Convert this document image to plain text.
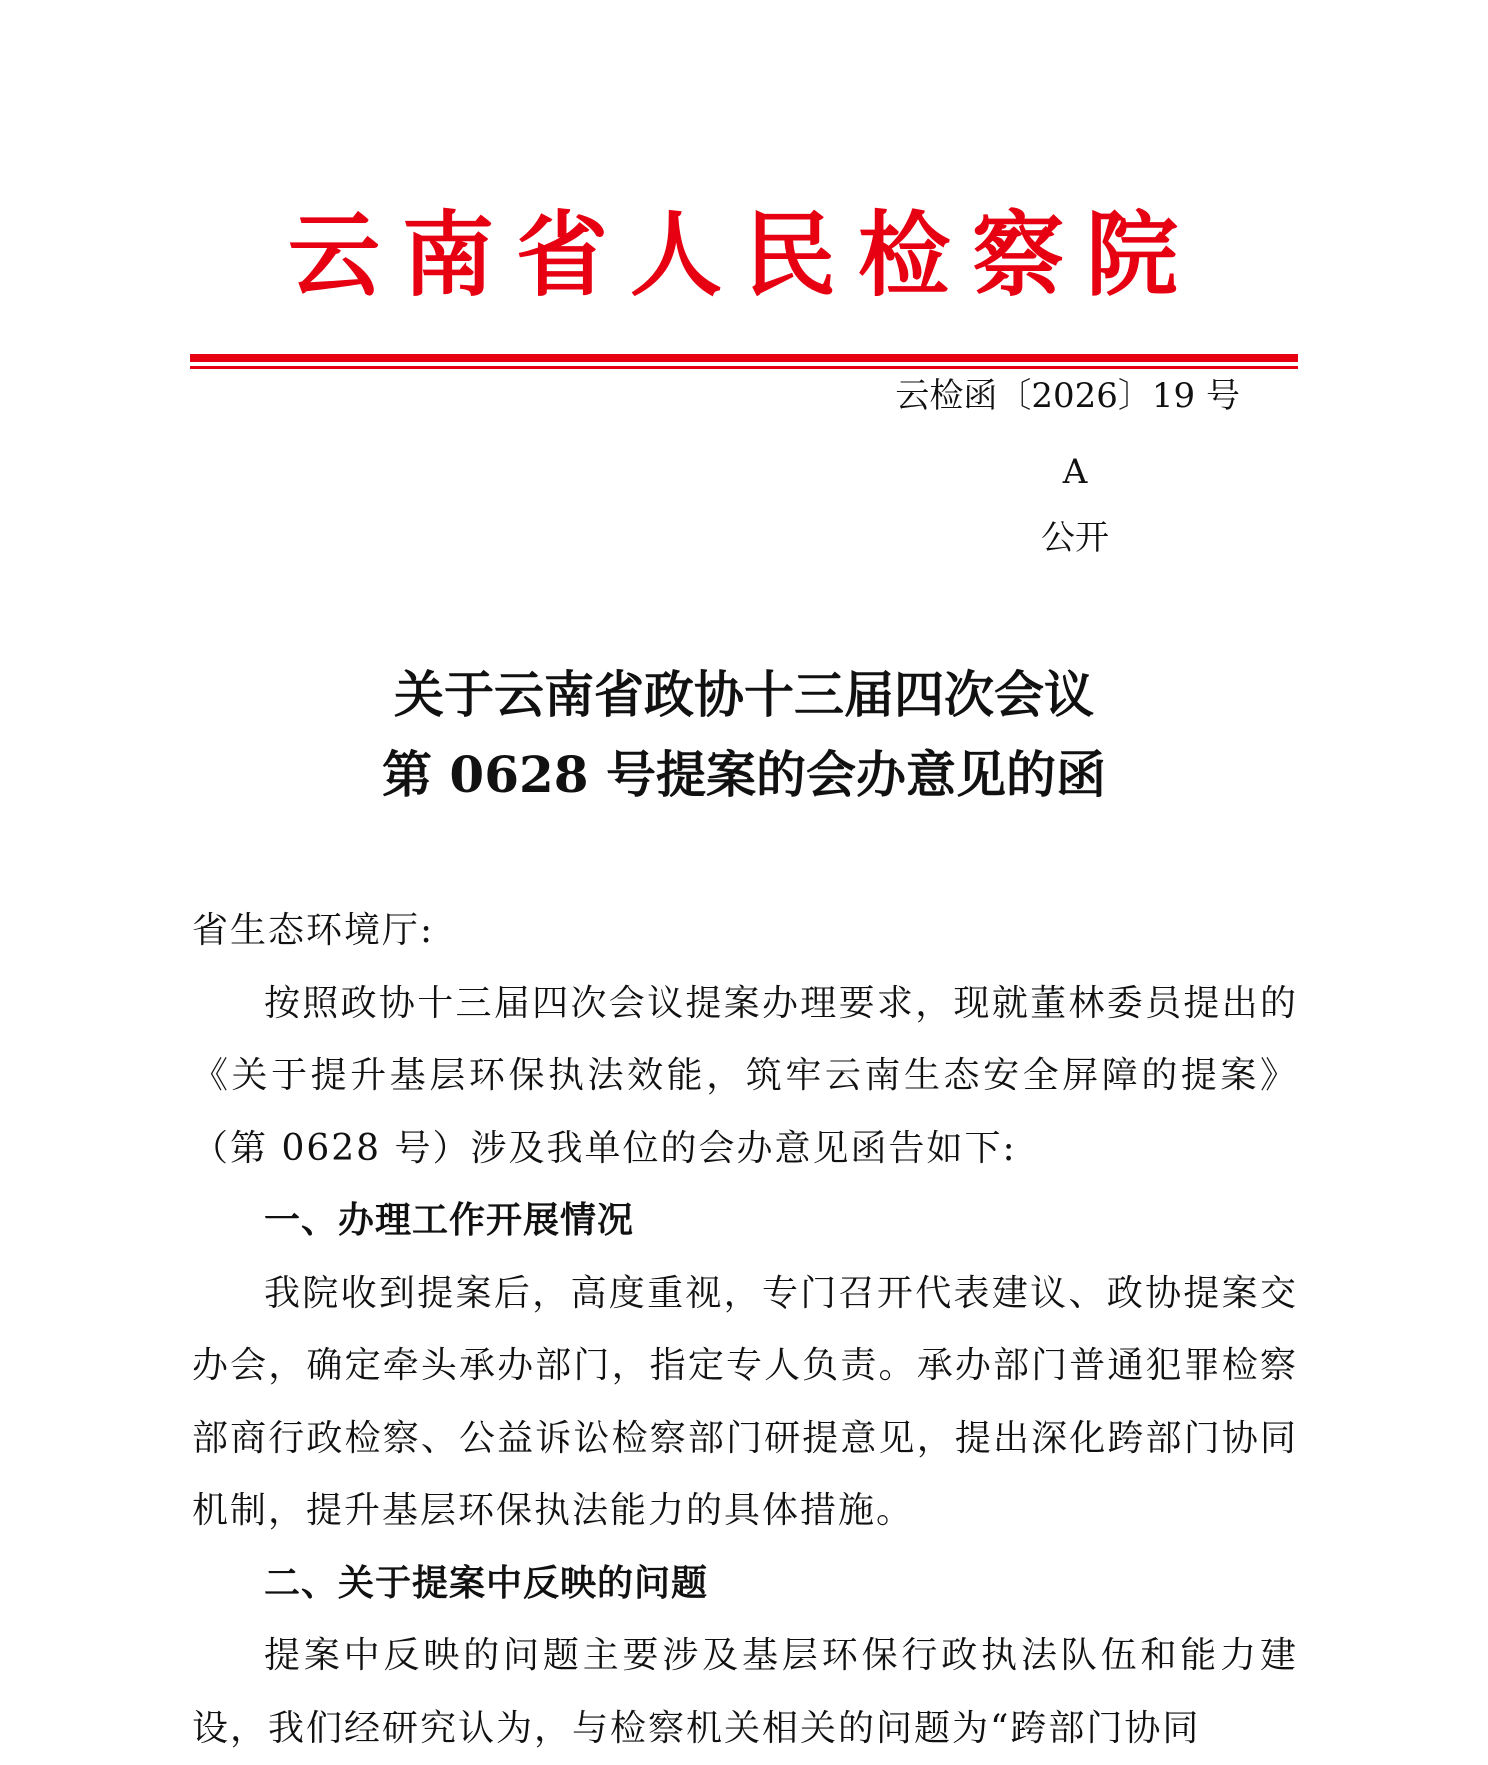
云南省人民检察院
云检函〔2026〕19 号
A
公开
关于云南省政协十三届四次会议
第 0628 号提案的会办意见的函

省生态环境厅:

按照政协十三届四次会议提案办理要求，现就董林委员提出的《关于提升基层环保执法效能，筑牢云南生态安全屏障的提案》（第 0628 号）涉及我单位的会办意见函告如下:

一、办理工作开展情况

我院收到提案后，高度重视，专门召开代表建议、政协提案交办会，确定牵头承办部门，指定专人负责。承办部门普通犯罪检察部商行政检察、公益诉讼检察部门研提意见，提出深化跨部门协同机制，提升基层环保执法能力的具体措施。

二、关于提案中反映的问题

提案中反映的问题主要涉及基层环保行政执法队伍和能力建设，我们经研究认为，与检察机关相关的问题为“跨部门协同
